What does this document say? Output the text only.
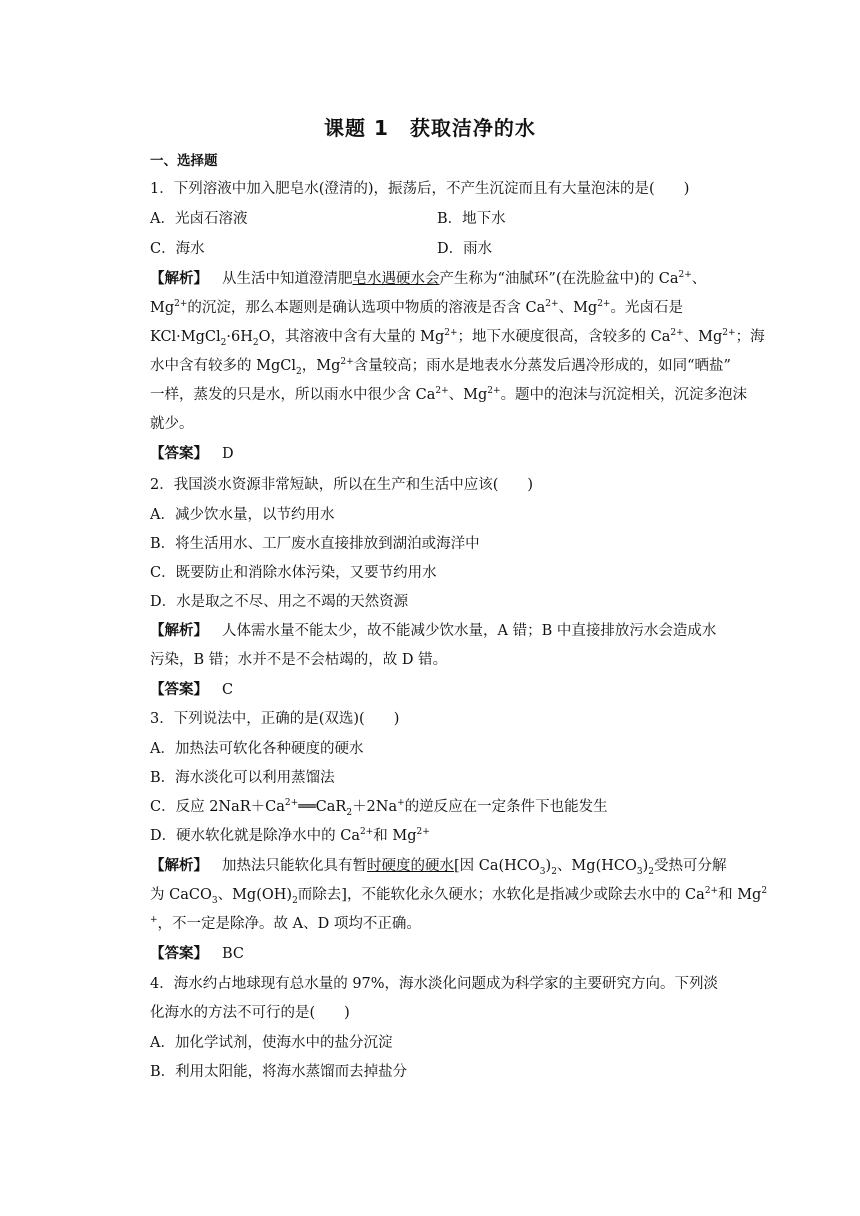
课题 1　获取洁净的水
一、选择题
1．下列溶液中加入肥皂水(澄清的)，振荡后，不产生沉淀而且有大量泡沫的是(　　)
A．光卤石溶液	B．地下水
C．海水	D．雨水
【解析】 从生活中知道澄清肥皂水遇硬水会产生称为“油腻环”(在洗脸盆中)的 $Ca^{2+}$、
$Mg^{2+}$的沉淀，那么本题则是确认选项中物质的溶液是否含 $Ca^{2+}$、$Mg^{2+}$。光卤石是
$KCl\cdot MgCl_2\cdot 6H_2O$，其溶液中含有大量的 $Mg^{2+}$；地下水硬度很高，含较多的 $Ca^{2+}$、$Mg^{2+}$；海
水中含有较多的 MgCl$_2$，$Mg^{2+}$含量较高；雨水是地表水分蒸发后遇冷形成的，如同“晒盐”
一样，蒸发的只是水，所以雨水中很少含 $Ca^{2+}$、$Mg^{2+}$。题中的泡沫与沉淀相关，沉淀多泡沫
就少。
【答案】 D
2．我国淡水资源非常短缺，所以在生产和生活中应该(　　)
A．减少饮水量，以节约用水
B．将生活用水、工厂废水直接排放到湖泊或海洋中
C．既要防止和消除水体污染，又要节约用水
D．水是取之不尽、用之不竭的天然资源
【解析】 人体需水量不能太少，故不能减少饮水量，A 错；B 中直接排放污水会造成水
污染，B 错；水并不是不会枯竭的，故 D 错。
【答案】 C
3．下列说法中，正确的是(双选)(　　)
A．加热法可软化各种硬度的硬水
B．海水淡化可以利用蒸馏法
C．反应 $2NaR+Ca^{2+}══CaR_2+2Na^+$的逆反应在一定条件下也能发生
D．硬水软化就是除净水中的 $Ca^{2+}$和 $Mg^{2+}$
【解析】 加热法只能软化具有暂时硬度的硬水[因 $Ca(HCO_3)_2$、$Mg(HCO_3)_2$受热可分解
为 CaCO$_3$、$Mg(OH)_2$而除去]，不能软化永久硬水；水软化是指减少或除去水中的 $Ca^{2+}$和 Mg$^2$
+，不一定是除净。故 A、D 项均不正确。
【答案】 BC
4．海水约占地球现有总水量的 97%，海水淡化问题成为科学家的主要研究方向。下列淡
化海水的方法不可行的是(　　)
A．加化学试剂，使海水中的盐分沉淀
B．利用太阳能，将海水蒸馏而去掉盐分
